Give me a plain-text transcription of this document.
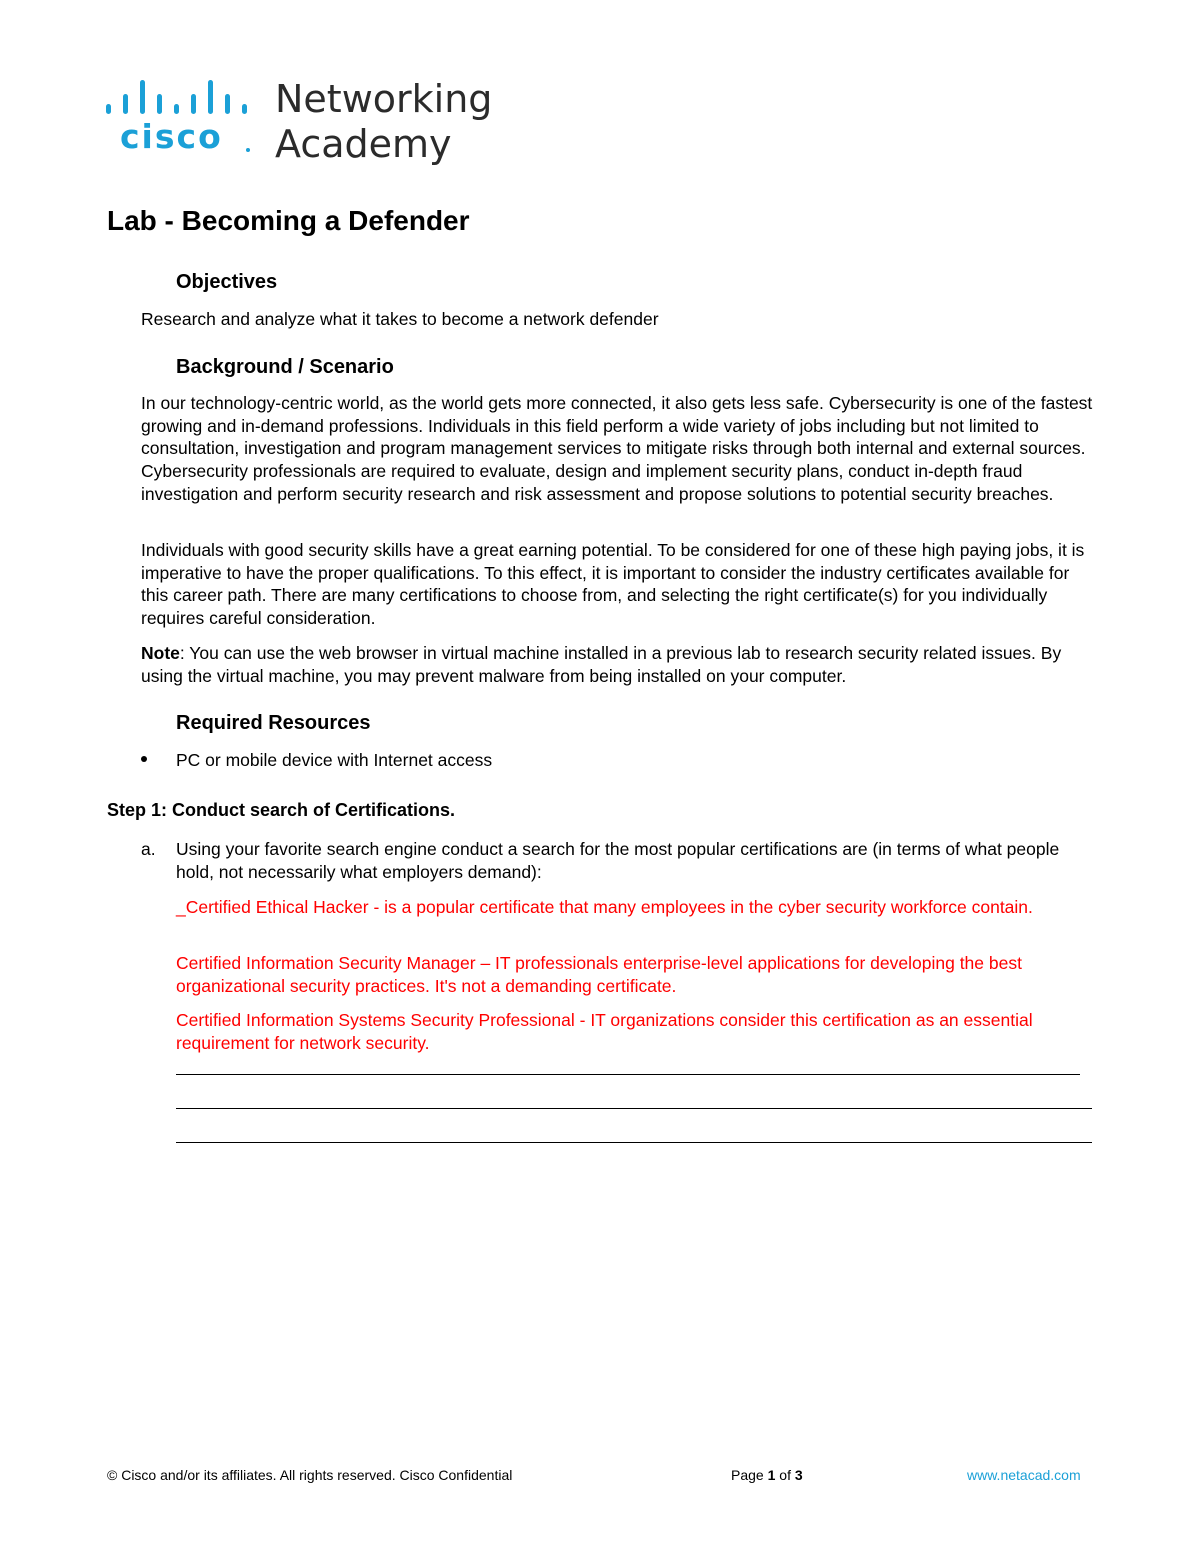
cisco
Networking
Academy
Lab - Becoming a Defender
Objectives

Research and analyze what it takes to become a network defender

Background / Scenario

In our technology-centric world, as the world gets more connected, it also gets less safe. Cybersecurity is one of the fastest growing and in-demand professions. Individuals in this field perform a wide variety of jobs including but not limited to consultation, investigation and program management services to mitigate risks through both internal and external sources. Cybersecurity professionals are required to evaluate, design and implement security plans, conduct in-depth fraud investigation and perform security research and risk assessment and propose solutions to potential security breaches.

Individuals with good security skills have a great earning potential. To be considered for one of these high paying jobs, it is imperative to have the proper qualifications. To this effect, it is important to consider the industry certificates available for this career path. There are many certifications to choose from, and selecting the right certificate(s) for you individually requires careful consideration.

Note: You can use the web browser in virtual machine installed in a previous lab to research security related issues. By using the virtual machine, you may prevent malware from being installed on your computer.

Required Resources
PC or mobile device with Internet access
Step 1: Conduct search of Certifications.
a. Using your favorite search engine conduct a search for the most popular certifications are (in terms of what people hold, not necessarily what employers demand):

_Certified Ethical Hacker - is a popular certificate that many employees in the cyber security workforce contain.

Certified Information Security Manager – IT professionals enterprise-level applications for developing the best organizational security practices. It's not a demanding certificate.

Certified Information Systems Security Professional - IT organizations consider this certification as an essential requirement for network security.

© Cisco and/or its affiliates. All rights reserved. Cisco Confidential	Page 1 of 3	www.netacad.com
